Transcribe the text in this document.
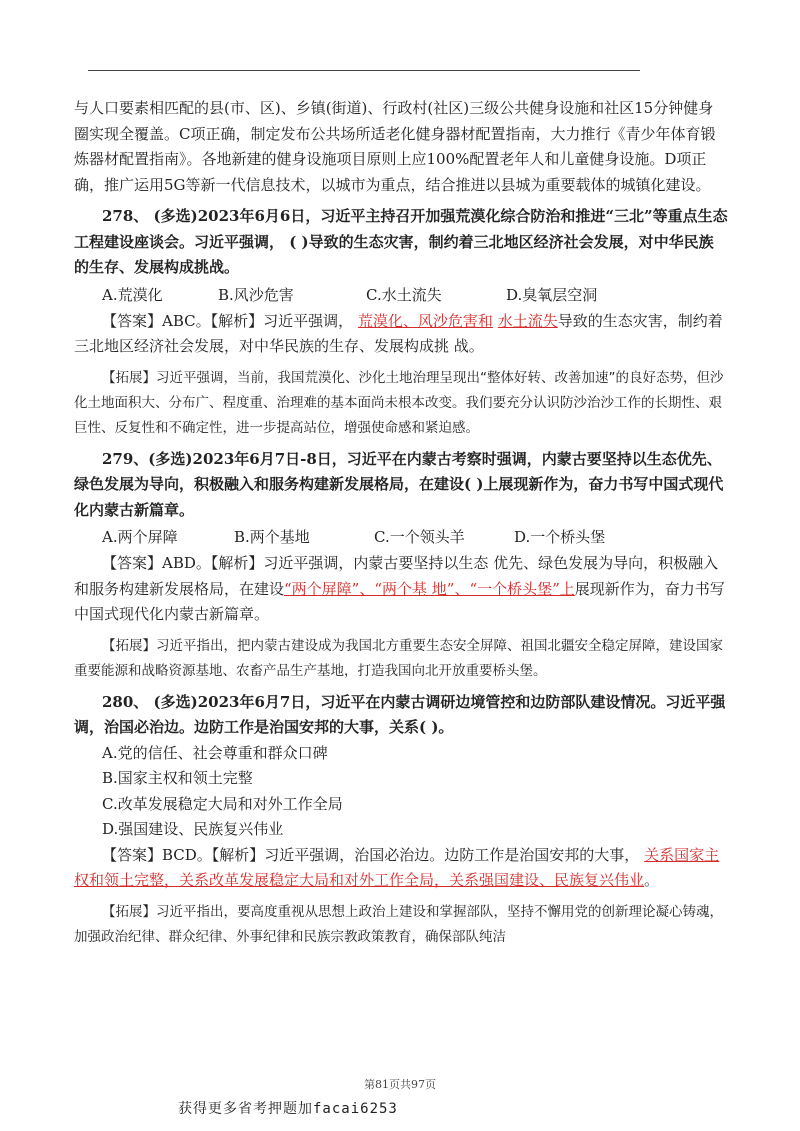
与人口要素相匹配的县(市、区)、乡镇(街道)、行政村(社区)三级公共健身设施和社区15分钟健身圈实现全覆盖。C项正确，制定发布公共场所适老化健身器材配置指南，大力推行《青少年体育锻炼器材配置指南》。各地新建的健身设施项目原则上应100%配置老年人和儿童健身设施。D项正确，推广运用5G等新一代信息技术，以城市为重点，结合推进以县城为重要载体的城镇化建设。

278、 (多选)2023年6月6日，习近平主持召开加强荒漠化综合防治和推进“三北”等重点生态工程建设座谈会。习近平强调， ( )导致的生态灾害，制约着三北地区经济社会发展，对中华民族的生存、发展构成挑战。

A.荒漠化	B.风沙危害	C.水土流失	D.臭氧层空洞

【答案】ABC。【解析】习近平强调， 荒漠化、风沙危害和 水土流失导致的生态灾害，制约着三北地区经济社会发展，对中华民族的生存、发展构成挑 战。

【拓展】习近平强调，当前，我国荒漠化、沙化土地治理呈现出“整体好转、改善加速”的良好态势，但沙化土地面积大、分布广、程度重、治理难的基本面尚未根本改变。我们要充分认识防沙治沙工作的长期性、艰巨性、反复性和不确定性，进一步提高站位，增强使命感和紧迫感。

279、(多选)2023年6月7日-8日，习近平在内蒙古考察时强调，内蒙古要坚持以生态优先、绿色发展为导向，积极融入和服务构建新发展格局，在建设( )上展现新作为，奋力书写中国式现代化内蒙古新篇章。

A.两个屏障	B.两个基地	C.一个领头羊	D.一个桥头堡

【答案】ABD。【解析】习近平强调，内蒙古要坚持以生态 优先、绿色发展为导向，积极融入和服务构建新发展格局，在建设“两个屏障”、“两个基 地”、“一个桥头堡”上展现新作为，奋力书写中国式现代化内蒙古新篇章。

【拓展】习近平指出，把内蒙古建设成为我国北方重要生态安全屏障、祖国北疆安全稳定屏障，建设国家重要能源和战略资源基地、农畜产品生产基地，打造我国向北开放重要桥头堡。

280、 (多选)2023年6月7日，习近平在内蒙古调研边境管控和边防部队建设情况。习近平强调，治国必治边。边防工作是治国安邦的大事，关系( )。

A.党的信任、社会尊重和群众口碑

B.国家主权和领土完整

C.改革发展稳定大局和对外工作全局

D.强国建设、民族复兴伟业

【答案】BCD。【解析】习近平强调，治国必治边。边防工作是治国安邦的大事， 关系国家主权和领土完整，关系改革发展稳定大局和对外工作全局，关系强国建设、民族复兴伟业。

【拓展】习近平指出，要高度重视从思想上政治上建设和掌握部队，坚持不懈用党的创新理论凝心铸魂，加强政治纪律、群众纪律、外事纪律和民族宗教政策教育，确保部队纯洁

第81页共97页
获得更多省考押题加facai6253
